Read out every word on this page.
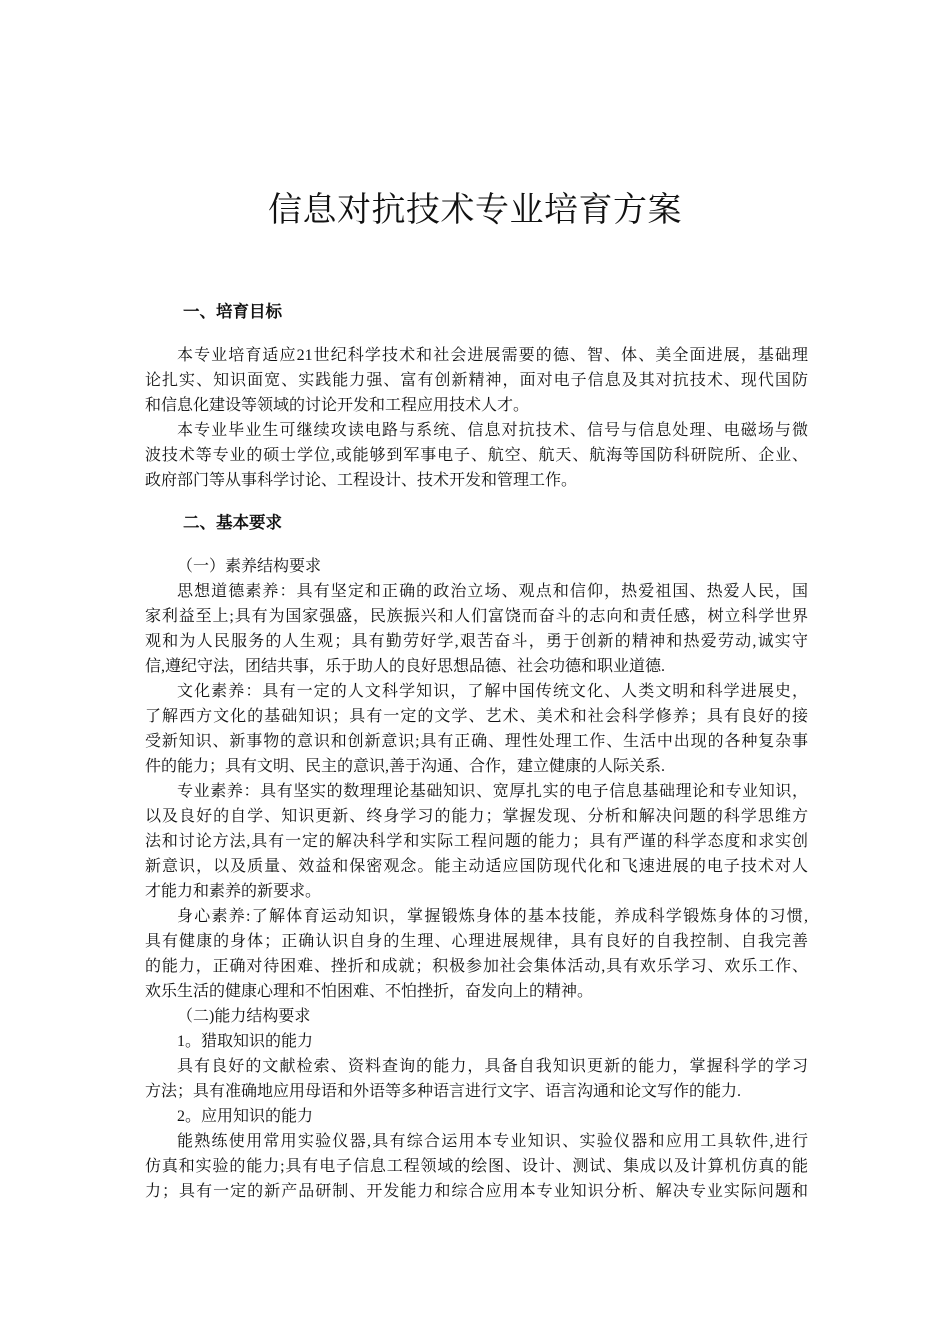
信息对抗技术专业培育方案
一、培育目标
本专业培育适应21世纪科学技术和社会进展需要的德、智、体、美全面进展，基础理
论扎实、知识面宽、实践能力强、富有创新精神，面对电子信息及其对抗技术、现代国防
和信息化建设等领域的讨论开发和工程应用技术人才。
本专业毕业生可继续攻读电路与系统、信息对抗技术、信号与信息处理、电磁场与微
波技术等专业的硕士学位,或能够到军事电子、航空、航天、航海等国防科研院所、企业、
政府部门等从事科学讨论、工程设计、技术开发和管理工作。
二、基本要求
（一）素养结构要求
思想道德素养：具有坚定和正确的政治立场、观点和信仰，热爱祖国、热爱人民，国
家利益至上;具有为国家强盛，民族振兴和人们富饶而奋斗的志向和责任感，树立科学世界
观和为人民服务的人生观；具有勤劳好学,艰苦奋斗，勇于创新的精神和热爱劳动,诚实守
信,遵纪守法，团结共事，乐于助人的良好思想品德、社会功德和职业道德.
文化素养：具有一定的人文科学知识，了解中国传统文化、人类文明和科学进展史，
了解西方文化的基础知识；具有一定的文学、艺术、美术和社会科学修养；具有良好的接
受新知识、新事物的意识和创新意识;具有正确、理性处理工作、生活中出现的各种复杂事
件的能力；具有文明、民主的意识,善于沟通、合作，建立健康的人际关系.
专业素养：具有坚实的数理理论基础知识、宽厚扎实的电子信息基础理论和专业知识，
以及良好的自学、知识更新、终身学习的能力；掌握发现、分析和解决问题的科学思维方
法和讨论方法,具有一定的解决科学和实际工程问题的能力；具有严谨的科学态度和求实创
新意识，以及质量、效益和保密观念。能主动适应国防现代化和飞速进展的电子技术对人
才能力和素养的新要求。
身心素养:了解体育运动知识，掌握锻炼身体的基本技能，养成科学锻炼身体的习惯,
具有健康的身体；正确认识自身的生理、心理进展规律，具有良好的自我控制、自我完善
的能力，正确对待困难、挫折和成就；积极参加社会集体活动,具有欢乐学习、欢乐工作、
欢乐生活的健康心理和不怕困难、不怕挫折，奋发向上的精神。
（二)能力结构要求
1。猎取知识的能力
具有良好的文献检索、资料查询的能力，具备自我知识更新的能力，掌握科学的学习
方法；具有准确地应用母语和外语等多种语言进行文字、语言沟通和论文写作的能力.
2。应用知识的能力
能熟练使用常用实验仪器,具有综合运用本专业知识、实验仪器和应用工具软件,进行
仿真和实验的能力;具有电子信息工程领域的绘图、设计、测试、集成以及计算机仿真的能
力；具有一定的新产品研制、开发能力和综合应用本专业知识分析、解决专业实际问题和
